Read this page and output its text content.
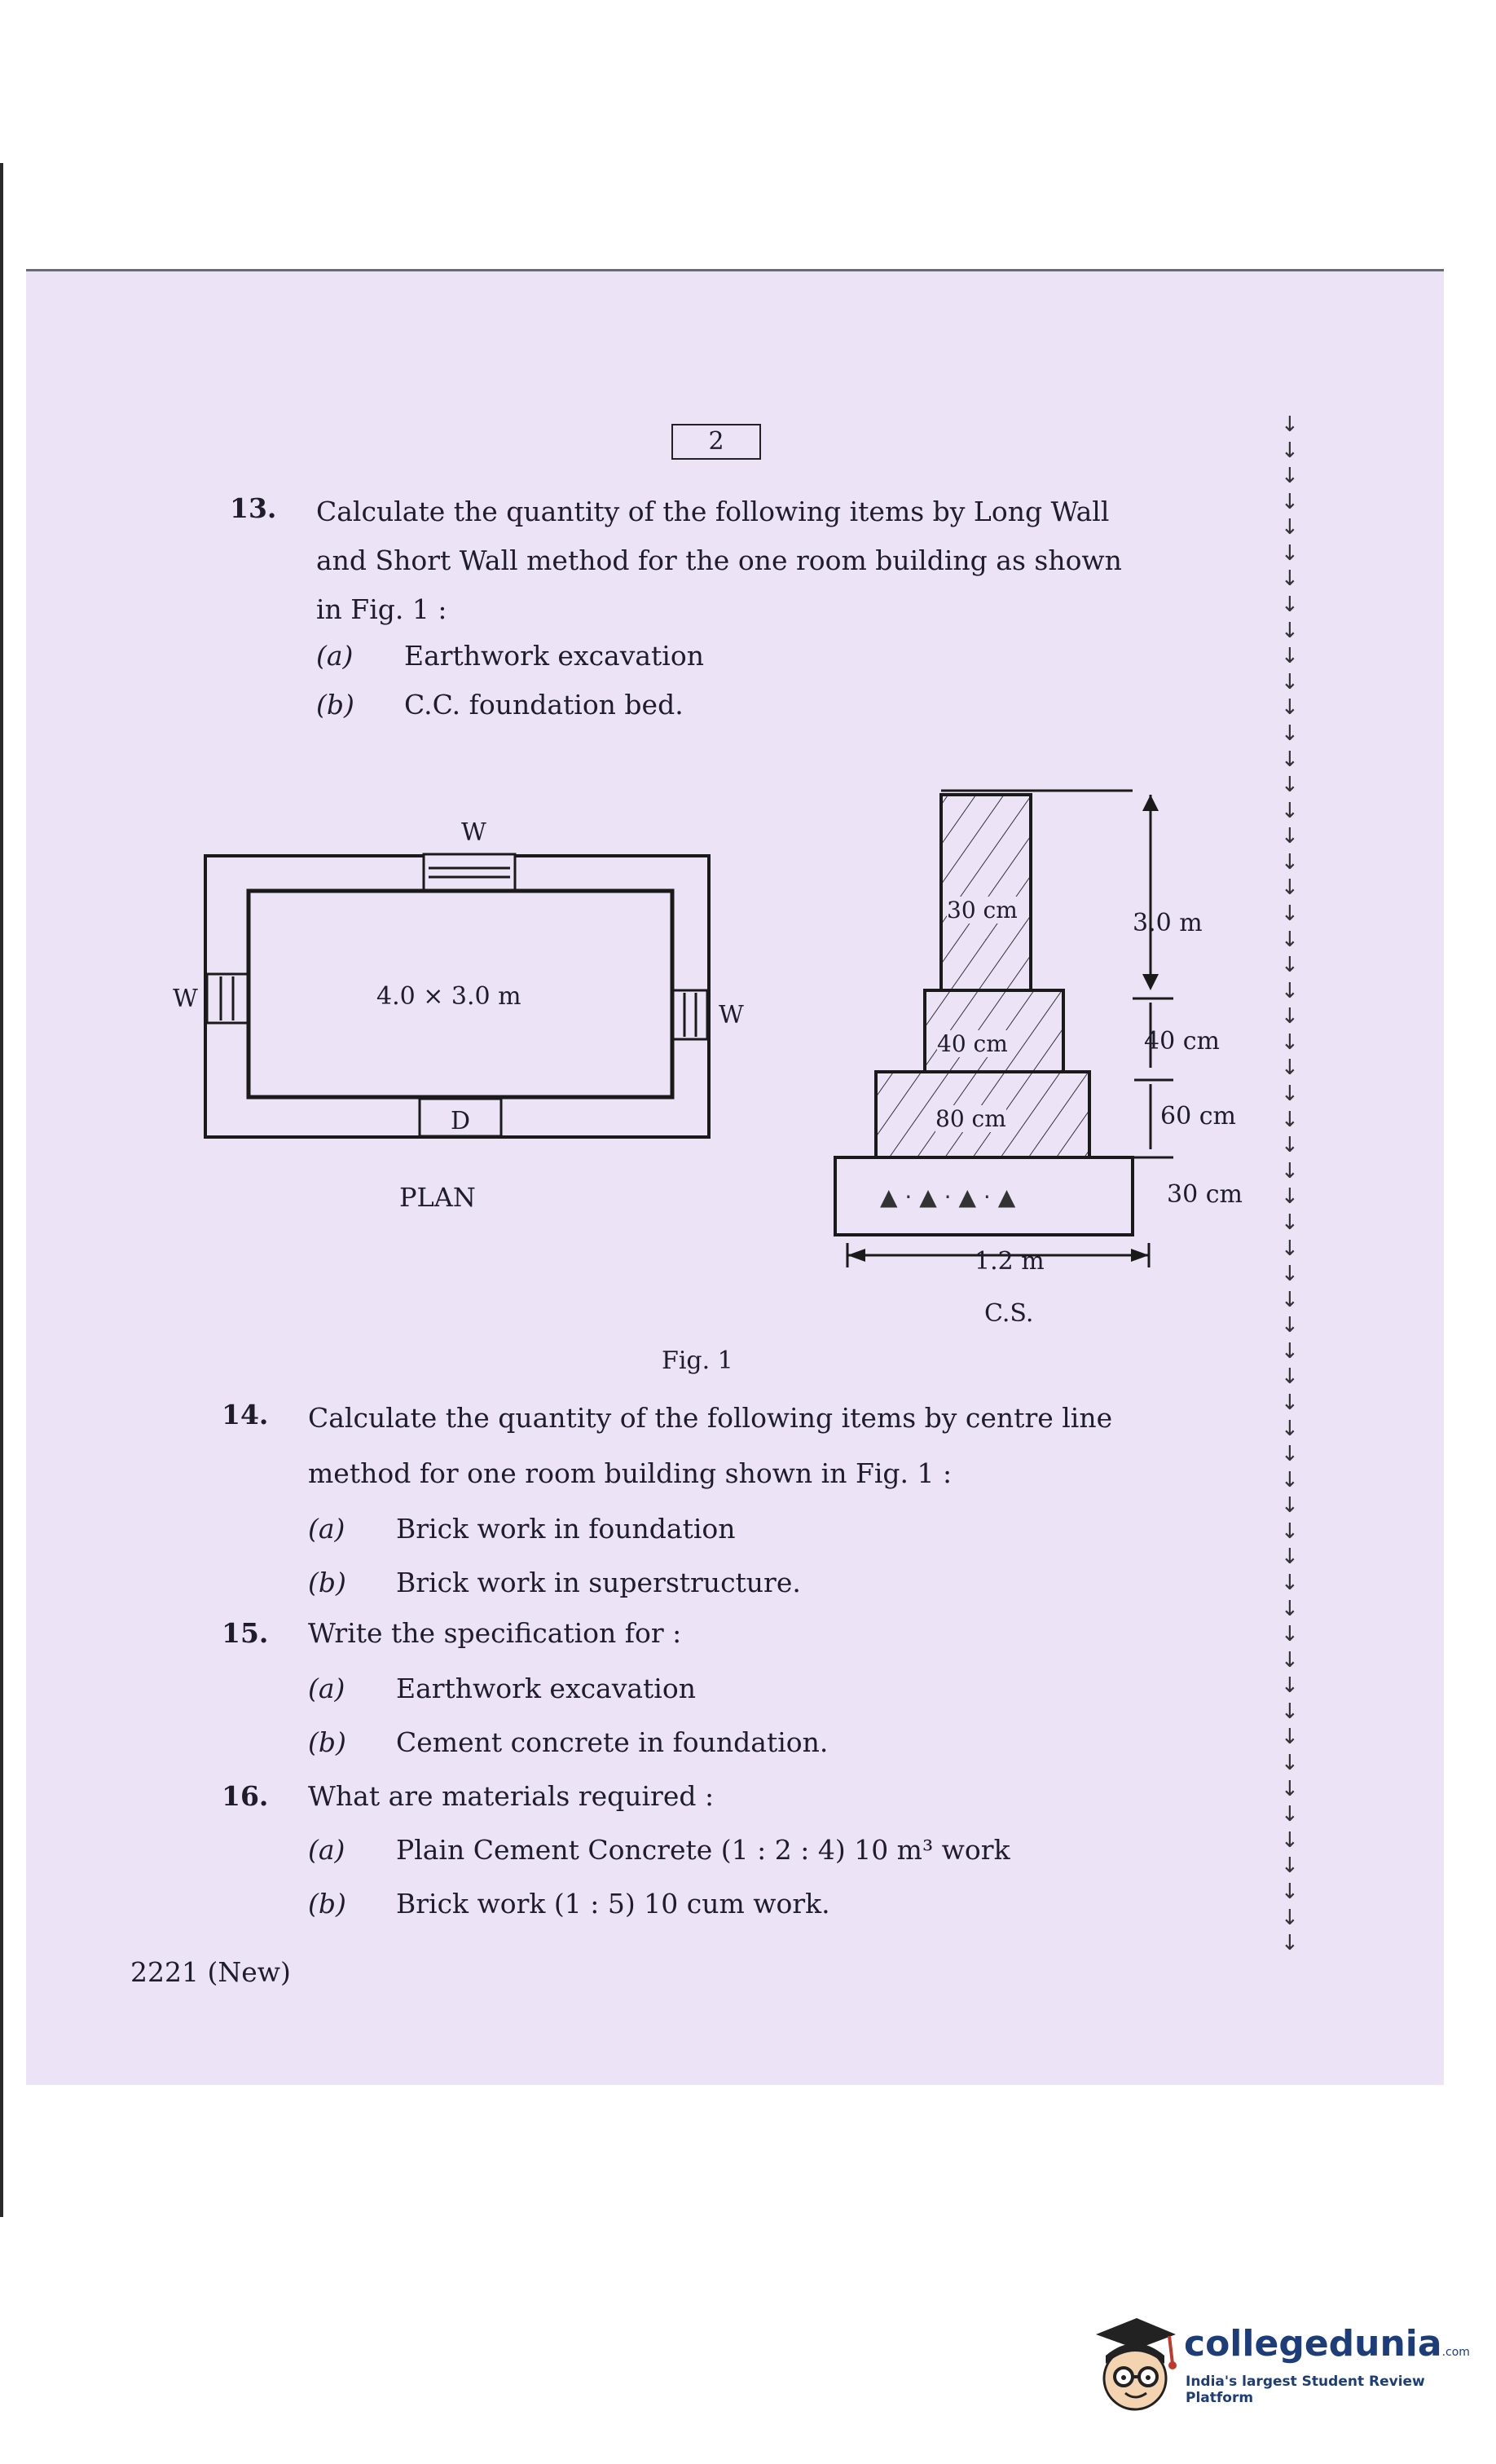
2
13. Calculate the quantity of the following items by Long Wall
and Short Wall method for the one room building as shown
in Fig. 1 :
(a) Earthwork excavation
(b) C.C. foundation bed.
▲ · ▲ · ▲ · ▲
W
W
W
4.0 × 3.0 m
D
PLAN
30 cm
40 cm
80 cm
3.0 m
40 cm
60 cm
30 cm
1.2 m
C.S.
Fig. 1
14. Calculate the quantity of the following items by centre line
method for one room building shown in Fig. 1 :
(a) Brick work in foundation
(b) Brick work in superstructure.
15. Write the specification for :
(a) Earthwork excavation
(b) Cement concrete in foundation.
16. What are materials required :
(a) Plain Cement Concrete (1 : 2 : 4) 10 m³ work
(b) Brick work (1 : 5) 10 cum work.
↓
↓
↓
↓
↓
↓
↓
↓
↓
↓
↓
↓
↓
↓
↓
↓
↓
↓
↓
↓
↓
↓
↓
↓
↓
↓
↓
↓
↓
↓
↓
↓
↓
↓
↓
↓
↓
↓
↓
↓
↓
↓
↓
↓
↓
↓
↓
↓
↓
↓
↓
↓
↓
↓
↓
↓
↓
↓
↓
↓
2221 (New)
collegedunia.com
India's largest Student Review Platform
